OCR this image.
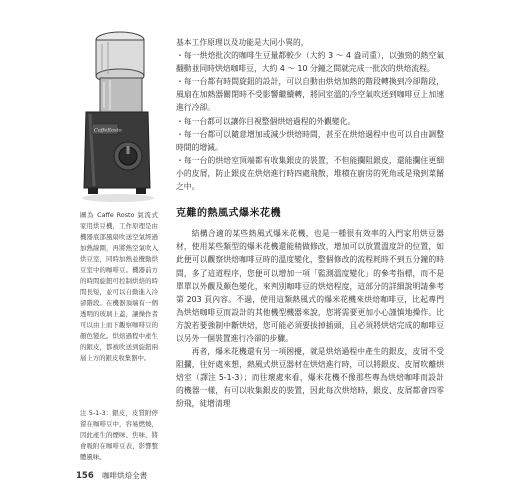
CaffeRosto
圖為 Caffe Rosto 氣流式家用烘豆機，工作原理是由機器底部風扇吹送空氣經過加熱線圈，再將熱空氣吹入烘豆室，同時加熱並攪動烘豆室中的咖啡豆。機器前方的時間旋鈕可控制烘焙的時間長短，並可以自動進入冷卻階段。在機器頂端有一個透明的玻璃上蓋，讓操作者可以由上而下觀察咖啡豆的顏色變化。烘焙過程中產生的銀皮，都被吹送到旋鈕兩層上方的銀皮收集器中。
注 5-1-3：銀皮，皮質附停留在咖啡豆中，容易燃燒，因此產生的煙味、焦味，將會吸附在咖啡豆表，影響整體風味。

基本工作原理以及功能是大同小異的，

・每一烘焙批次的咖啡生豆量都較少（大約 3 ～ 4 盎司重），以強勁的熱空氣翻動並同時烘焙咖啡豆，大約 4 ～ 10 分鐘之間就完成一批次的烘焙流程。

・每一台都有時間旋鈕的設計，可以自動由烘焙加熱的階段轉換到冷卻階段，風扇在加熱器關閉時不受影響繼續轉，將同室溫的冷空氣吹送到咖啡豆上加速進行冷卻。

・每一台都可以讓你目視整個烘焙過程的外觀變化。

・每一台都可以隨意增加或減少烘焙時間，甚至在烘焙過程中也可以自由調整時間的增減。

・每一台的烘焙室頂端都有收集銀皮的裝置，不但能攔阻銀皮，還能攔住更細小的皮屑，防止銀皮在烘焙進行時四處飛散，堆積在廚房的死角或是飛到菜餚之中。

克難的熱風式爆米花機

結構合適的某些熱風式爆米花機，也是一種很有效率的入門家用烘豆器材，使用某些類型的爆米花機還能稍做修改，增加可以放置溫度計的位置，如此便可以觀察烘焙咖啡豆時的溫度變化，整個修改的流程耗時不到五分鐘的時間，多了這道程序，您便可以增加一項「監測溫度變化」的參考指標，而不是單單以外觀及顏色變化，來判別咖啡豆的烘焙程度，這部分的詳細說明請參考第 203 頁內容。不過，使用這類熱風式的爆米花機來烘焙咖啡豆，比起專門為烘焙咖啡豆而設計的其他機型機器來說，您將需要更加小心謹慎地操作。比方說若要強制中斷烘焙，您可能必須要拔掉插頭，且必須將烘焙完成的咖啡豆以另外一個裝置進行冷卻的步驟。

再者，爆米花機還有另一項困擾，就是烘焙過程中產生的銀皮，皮屑不受阻攔，往好處來想，熱風式烘豆器材在烘焙進行時，可以將銀皮、皮屑吹離烘焙室（譯注 5-1-3）；而往壞處來看，爆米花機不像那些專為烘焙咖啡而設計的機器一樣，有可以收集銀皮的裝置，因此每次烘焙時，銀皮、皮屑都會四零紛飛，徒增清理

156 咖啡烘焙全書
